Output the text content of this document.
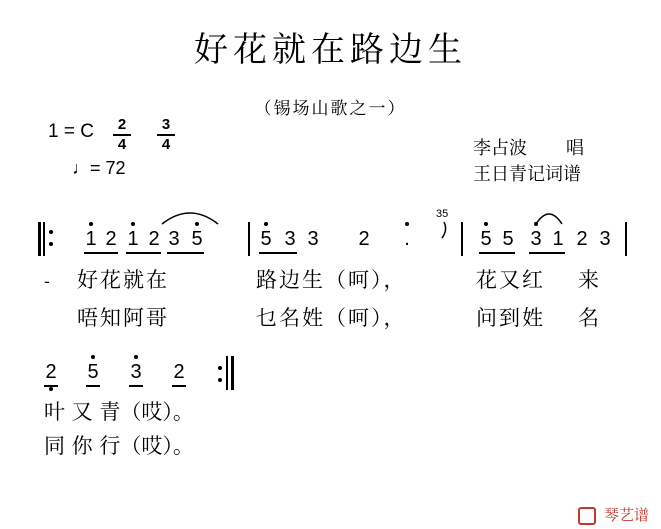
好花就在路边生
（锡场山歌之一）
1 = C	2
4
3
4
♩= 72
李占波 唱
王日青记词谱
1 2 1 2 3 5	5 3 3 2 .	5 5 3 1 2 3
35
- 好花就在	路边生（呵），	花又红 来
唔知阿哥	乜名姓（呵），	问到姓 名
2 5 3 2
叶 又 青（哎）。
同 你 行（哎）。
琴艺谱
